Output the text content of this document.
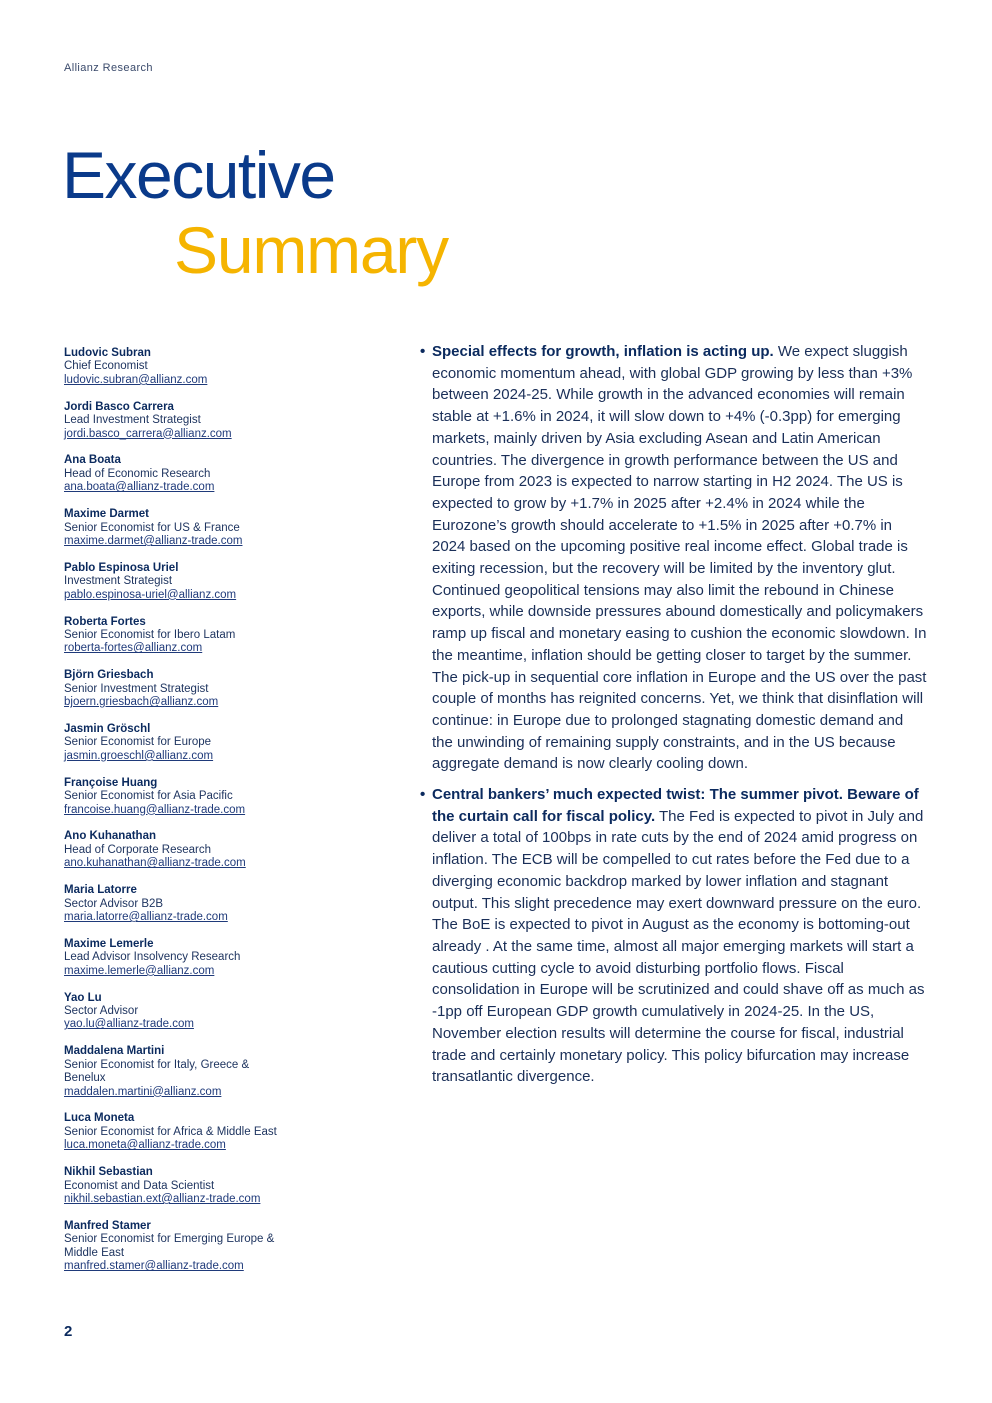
Allianz Research
Executive
Summary
Ludovic Subran
Chief Economist
ludovic.subran@allianz.com
Jordi Basco Carrera
Lead Investment Strategist
jordi.basco_carrera@allianz.com
Ana Boata
Head of Economic Research
ana.boata@allianz-trade.com
Maxime Darmet
Senior Economist for US & France
maxime.darmet@allianz-trade.com
Pablo Espinosa Uriel
Investment Strategist
pablo.espinosa-uriel@allianz.com
Roberta Fortes
Senior Economist for Ibero Latam
roberta-fortes@allianz.com
Björn Griesbach
Senior Investment Strategist
bjoern.griesbach@allianz.com
Jasmin Gröschl
Senior Economist for Europe
jasmin.groeschl@allianz.com
Françoise Huang
Senior Economist for Asia Pacific
francoise.huang@allianz-trade.com
Ano Kuhanathan
Head of Corporate Research
ano.kuhanathan@allianz-trade.com
Maria Latorre
Sector Advisor B2B
maria.latorre@allianz-trade.com
Maxime Lemerle
Lead Advisor Insolvency Research
maxime.lemerle@allianz.com
Yao Lu
Sector Advisor
yao.lu@allianz-trade.com
Maddalena Martini
Senior Economist for Italy, Greece & Benelux
maddalen.martini@allianz.com
Luca Moneta
Senior Economist for Africa & Middle East
luca.moneta@allianz-trade.com
Nikhil Sebastian
Economist and Data Scientist
nikhil.sebastian.ext@allianz-trade.com
Manfred Stamer
Senior Economist for Emerging Europe & Middle East
manfred.stamer@allianz-trade.com

• Special effects for growth, inflation is acting up. We expect sluggish economic momentum ahead, with global GDP growing by less than +3% between 2024-25. While growth in the advanced economies will remain stable at +1.6% in 2024, it will slow down to +4% (-0.3pp) for emerging markets, mainly driven by Asia excluding Asean and Latin American countries. The divergence in growth performance between the US and Europe from 2023 is expected to narrow starting in H2 2024. The US is expected to grow by +1.7% in 2025 after +2.4% in 2024 while the Eurozone’s growth should accelerate to +1.5% in 2025 after +0.7% in 2024 based on the upcoming positive real income effect. Global trade is exiting recession, but the recovery will be limited by the inventory glut. Continued geopolitical tensions may also limit the rebound in Chinese exports, while downside pressures abound domestically and policymakers ramp up fiscal and monetary easing to cushion the economic slowdown. In the meantime, inflation should be getting closer to target by the summer. The pick-up in sequential core inflation in Europe and the US over the past couple of months has reignited concerns. Yet, we think that disinflation will continue: in Europe due to prolonged stagnating domestic demand and the unwinding of remaining supply constraints, and in the US because aggregate demand is now clearly cooling down.

• Central bankers’ much expected twist: The summer pivot. Beware of the curtain call for fiscal policy. The Fed is expected to pivot in July and deliver a total of 100bps in rate cuts by the end of 2024 amid progress on inflation. The ECB will be compelled to cut rates before the Fed due to a diverging economic backdrop marked by lower inflation and stagnant output. This slight precedence may exert downward pressure on the euro. The BoE is expected to pivot in August as the economy is bottoming-out already . At the same time, almost all major emerging markets will start a cautious cutting cycle to avoid disturbing portfolio flows. Fiscal consolidation in Europe will be scrutinized and could shave off as much as -1pp off European GDP growth cumulatively in 2024-25. In the US, November election results will determine the course for fiscal, industrial trade and certainly monetary policy. This policy bifurcation may increase transatlantic divergence.

2
